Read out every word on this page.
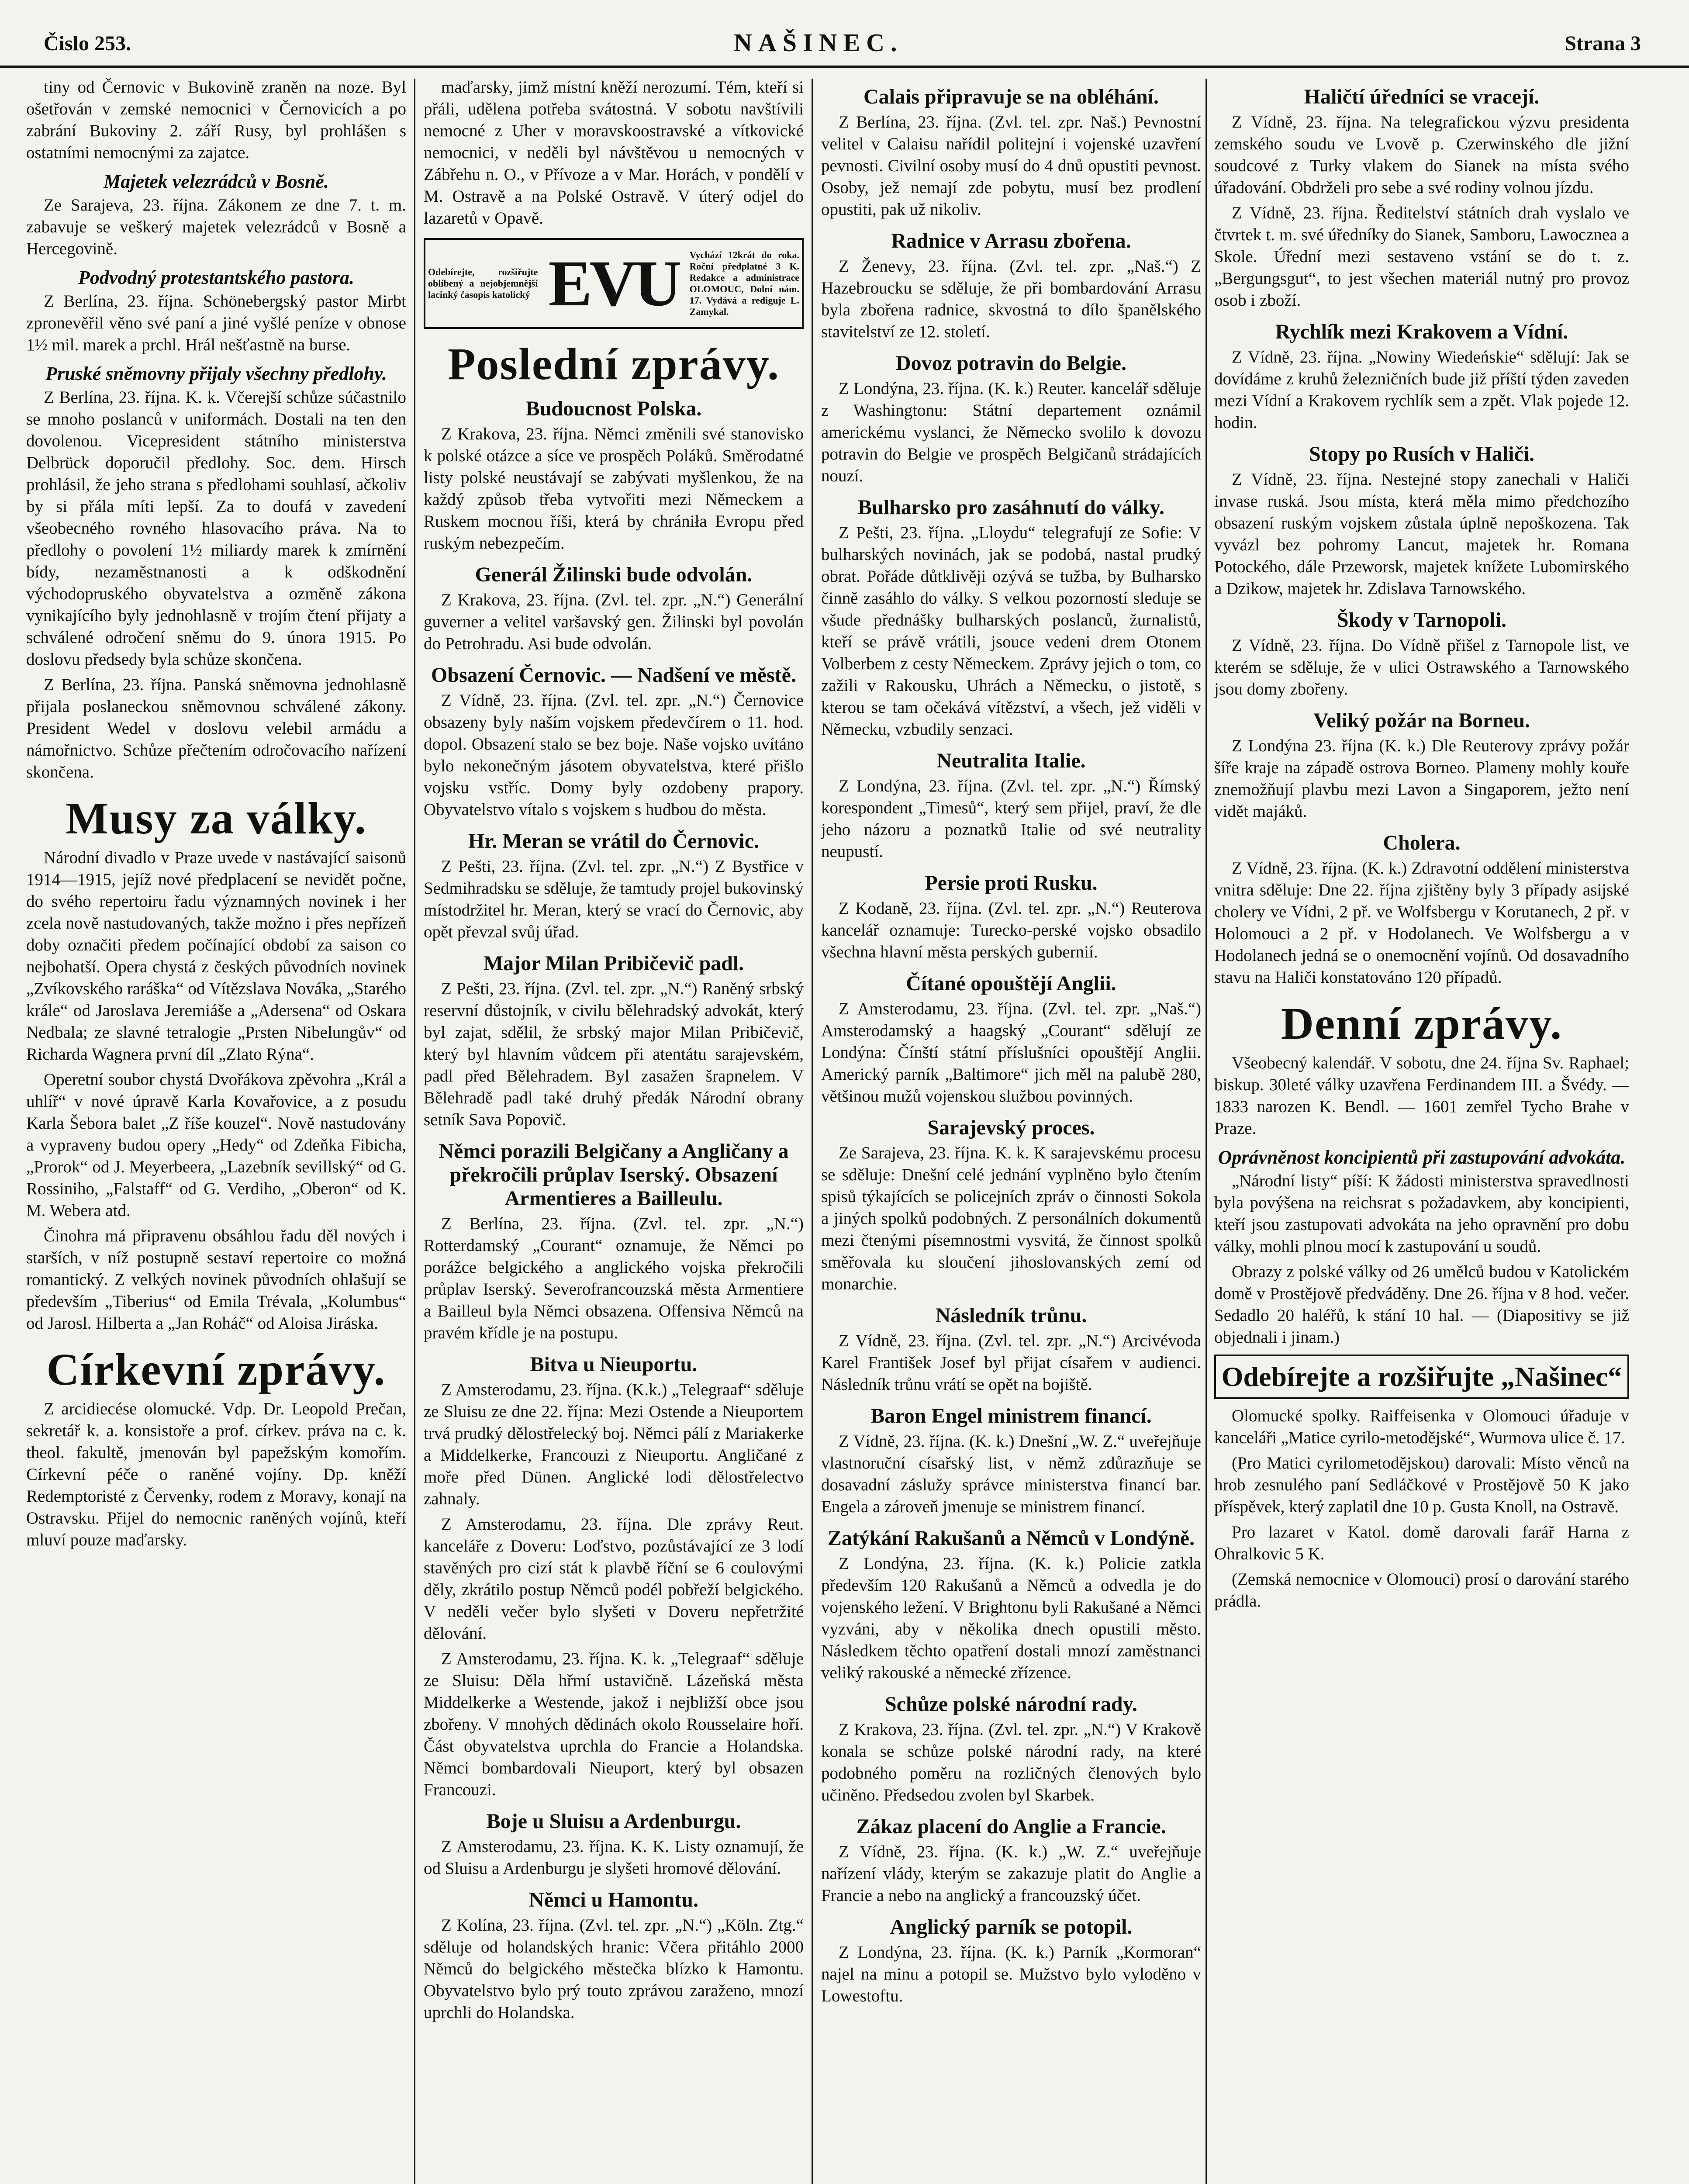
Čislo 253.	NAŠINEC.	Strana 3

tiny od Černovic v Bukovině zraněn na noze. Byl ošetřován v zemské nemocnici v Černovicích a po zabrání Bukoviny 2. září Rusy, byl prohlášen s ostatními nemocnými za zajatce.

Majetek velezrádců v Bosně.

Ze Sarajeva, 23. října. Zákonem ze dne 7. t. m. zabavuje se veškerý majetek velezrádců v Bosně a Hercegovině.

Podvodný protestantského pastora.

Z Berlína, 23. října. Schönebergský pastor Mirbt zpronevěřil věno své paní a jiné vyšlé peníze v obnose 1½ mil. marek a prchl. Hrál nešťastně na burse.

Pruské sněmovny přijaly všechny předlohy.

Z Berlína, 23. října. K. k. Včerejší schůze súčastnilo se mnoho poslanců v uniformách. Dostali na ten den dovolenou. Vicepresident státního ministerstva Delbrück doporučil předlohy. Soc. dem. Hirsch prohlásil, že jeho strana s předlohami souhlasí, ačkoliv by si přála míti lepší. Za to doufá v zavedení všeobecného rovného hlasovacího práva. Na to předlohy o povolení 1½ miliardy marek k zmírnění bídy, nezaměstnanosti a k odškodnění východopruského obyvatelstva a ozměně zákona vynikajícího byly jednohlasně v trojím čtení přijaty a schválené odročení sněmu do 9. února 1915. Po doslovu předsedy byla schůze skončena.

Z Berlína, 23. října. Panská sněmovna jednohlasně přijala poslaneckou sněmovnou schválené zákony. President Wedel v doslovu velebil armádu a námořnictvo. Schůze přečtením odročovacího nařízení skončena.

Musy za války.

Národní divadlo v Praze uvede v nastávající saisonů 1914—1915, jejíž nové předplacení se nevidět počne, do svého repertoiru řadu významných novinek i her zcela nově nastudovaných, takže možno i přes nepřízeň doby označiti předem počínající období za saison co nejbohatší. Opera chystá z českých původních novinek „Zvíkovského raráška“ od Vítězslava Nováka, „Starého krále“ od Jaroslava Jeremiáše a „Adersena“ od Oskara Nedbala; ze slavné tetralogie „Prsten Nibelungův“ od Richarda Wagnera první díl „Zlato Rýna“.

Operetní soubor chystá Dvořákova zpěvohra „Král a uhlíř“ v nové úpravě Karla Kovařovice, a z posudu Karla Šebora balet „Z říše kouzel“. Nově nastudovány a vypraveny budou opery „Hedy“ od Zdeňka Fibicha, „Prorok“ od J. Meyerbeera, „Lazebník sevillský“ od G. Rossiniho, „Falstaff“ od G. Verdiho, „Oberon“ od K. M. Webera atd.

Činohra má připravenu obsáhlou řadu děl nových i starších, v níž postupně sestaví repertoire co možná romantický. Z velkých novinek původních ohlašují se především „Tiberius“ od Emila Trévala, „Kolumbus“ od Jarosl. Hilberta a „Jan Roháč“ od Aloisa Jiráska.

Církevní zprávy.

Z arcidiecése olomucké. Vdp. Dr. Leopold Prečan, sekretář k. a. konsistoře a prof. církev. práva na c. k. theol. fakultě, jmenován byl papežským komořím. Církevní péče o raněné vojíny. Dp. kněží Redemptoristé z Červenky, rodem z Moravy, konají na Ostravsku. Přijel do nemocnic raněných vojínů, kteří mluví pouze maďarsky.

maďarsky, jimž místní kněží nerozumí. Tém, kteří si přáli, udělena potřeba svátostná. V sobotu navštívili nemocné z Uher v moravskoostravské a vítkovické nemocnici, v neděli byl návštěvou u nemocných v Zábřehu n. O., v Přívoze a v Mar. Horách, v pondělí v M. Ostravě a na Polské Ostravě. V úterý odjel do lazaretů v Opavě.

Odebírejte, rozšiřujte oblíbený a nejobjemnější lacinký časopis katolický EVU	Vychází 12krát do roka. Roční předplatné 3 K. Redakce a administrace OLOMOUC, Dolní nám. 17. Vydává a rediguje L. Zamykal.
Poslední zprávy.
Budoucnost Polska.

Z Krakova, 23. října. Němci změnili své stanovisko k polské otázce a síce ve prospěch Poláků. Směrodatné listy polské neustávají se zabývati myšlenkou, že na každý způsob třeba vytvořiti mezi Německem a Ruskem mocnou říši, která by chrániła Evropu před ruským nebezpečím.

Generál Žilinski bude odvolán.

Z Krakova, 23. října. (Zvl. tel. zpr. „N.“) Generální guverner a velitel varšavský gen. Žilinski byl povolán do Petrohradu. Asi bude odvolán.

Obsazení Černovic. — Nadšení ve městě.

Z Vídně, 23. října. (Zvl. tel. zpr. „N.“) Černovice obsazeny byly naším vojskem předevčírem o 11. hod. dopol. Obsazení stalo se bez boje. Naše vojsko uvítáno bylo nekonečným jásotem obyvatelstva, které přišlo vojsku vstříc. Domy byly ozdobeny prapory. Obyvatelstvo vítalo s vojskem s hudbou do města.

Hr. Meran se vrátil do Černovic.

Z Pešti, 23. října. (Zvl. tel. zpr. „N.“) Z Bystřice v Sedmihradsku se sděluje, že tamtudy projel bukovinský místodržitel hr. Meran, který se vrací do Černovic, aby opět převzal svůj úřad.

Major Milan Pribičevič padl.

Z Pešti, 23. října. (Zvl. tel. zpr. „N.“) Raněný srbský reservní důstojník, v civilu bělehradský advokát, který byl zajat, sdělil, že srbský major Milan Pribičevič, který byl hlavním vůdcem při atentátu sarajevském, padl před Bělehradem. Byl zasažen šrapnelem. V Bělehradě padl také druhý předák Národní obrany setník Sava Popovič.

Němci porazili Belgičany a Angličany a překročili průplav Iserský. Obsazení Armentieres a Bailleulu.

Z Berlína, 23. října. (Zvl. tel. zpr. „N.“) Rotterdamský „Courant“ oznamuje, že Němci po porážce belgického a anglického vojska překročili průplav Iserský. Severofrancouzská města Armentiere a Bailleul byla Němci obsazena. Offensiva Němců na pravém křídle je na postupu.

Bitva u Nieuportu.

Z Amsterodamu, 23. října. (K.k.) „Telegraaf“ sděluje ze Sluisu ze dne 22. října: Mezi Ostende a Nieuportem trvá prudký dělostřelecký boj. Němci pálí z Mariakerke a Middelkerke, Francouzi z Nieuportu. Angličané z moře před Dünen. Anglické lodi dělostřelectvo zahnaly.

Z Amsterodamu, 23. října. Dle zprávy Reut. kanceláře z Doveru: Loďstvo, pozůstávající ze 3 lodí stavěných pro cizí stát k plavbě říční se 6 coulovými děly, zkrátilo postup Němců podél pobřeží belgického. V neděli večer bylo slyšeti v Doveru nepřetržité dělování.

Z Amsterodamu, 23. října. K. k. „Telegraaf“ sděluje ze Sluisu: Děla hřmí ustavičně. Lázeňská města Middelkerke a Westende, jakož i nejbližší obce jsou zbořeny. V mnohých dědinách okolo Rousselaire hoří. Část obyvatelstva uprchla do Francie a Holandska. Němci bombardovali Nieuport, který byl obsazen Francouzi.

Boje u Sluisu a Ardenburgu.

Z Amsterodamu, 23. října. K. K. Listy oznamují, že od Sluisu a Ardenburgu je slyšeti hromové dělování.

Němci u Hamontu.

Z Kolína, 23. října. (Zvl. tel. zpr. „N.“) „Köln. Ztg.“ sděluje od holandských hranic: Včera přitáhlo 2000 Němců do belgického městečka blízko k Hamontu. Obyvatelstvo bylo prý touto zprávou zaraženo, mnozí uprchli do Holandska.

Calais připravuje se na obléhání.

Z Berlína, 23. října. (Zvl. tel. zpr. Naš.) Pevnostní velitel v Calaisu nařídil politejní i vojenské uzavření pevnosti. Civilní osoby musí do 4 dnů opustiti pevnost. Osoby, jež nemají zde pobytu, musí bez prodlení opustiti, pak už nikoliv.

Radnice v Arrasu zbořena.

Z Ženevy, 23. října. (Zvl. tel. zpr. „Naš.“) Z Hazebroucku se sděluje, že při bombardování Arrasu byla zbořena radnice, skvostná to dílo španělského stavitelství ze 12. století.

Dovoz potravin do Belgie.

Z Londýna, 23. října. (K. k.) Reuter. kancelář sděluje z Washingtonu: Státní departement oznámil americkému vyslanci, že Německo svolilo k dovozu potravin do Belgie ve prospěch Belgičanů strádajících nouzí.

Bulharsko pro zasáhnutí do války.

Z Pešti, 23. října. „Lloydu“ telegrafují ze Sofie: V bulharských novinách, jak se podobá, nastal prudký obrat. Pořáde důtklivěji ozývá se tužba, by Bulharsko činně zasáhlo do války. S velkou pozorností sleduje se všude přednášky bulharských poslanců, žurnalistů, kteří se právě vrátili, jsouce vedeni drem Otonem Volberbem z cesty Německem. Zprávy jejich o tom, co zažili v Rakousku, Uhrách a Německu, o jistotě, s kterou se tam očekává vítězství, a všech, jež viděli v Německu, vzbudily senzaci.

Neutralita Italie.

Z Londýna, 23. října. (Zvl. tel. zpr. „N.“) Římský korespondent „Timesů“, který sem přijel, praví, že dle jeho názoru a poznatků Italie od své neutrality neupustí.

Persie proti Rusku.

Z Kodaně, 23. října. (Zvl. tel. zpr. „N.“) Reuterova kancelář oznamuje: Turecko-perské vojsko obsadilo všechna hlavní města perských gubernií.

Čítané opouštějí Anglii.

Z Amsterodamu, 23. října. (Zvl. tel. zpr. „Naš.“) Amsterodamský a haagský „Courant“ sdělují ze Londýna: Čínští státní příslušníci opouštějí Anglii. Americký parník „Baltimore“ jich měl na palubě 280, většinou mužů vojenskou službou povinných.

Sarajevský proces.

Ze Sarajeva, 23. října. K. k. K sarajevskému procesu se sděluje: Dnešní celé jednání vyplněno bylo čtením spisů týkajících se policejních zpráv o činnosti Sokola a jiných spolků podobných. Z personálních dokumentů mezi čtenými písemnostmi vysvitá, že činnost spolků směřovala ku sloučení jihoslovanských zemí od monarchie.

Následník trůnu.

Z Vídně, 23. října. (Zvl. tel. zpr. „N.“) Arcivévoda Karel František Josef byl přijat císařem v audienci. Následník trůnu vrátí se opět na bojiště.

Baron Engel ministrem financí.

Z Vídně, 23. října. (K. k.) Dnešní „W. Z.“ uveřejňuje vlastnoruční císařský list, v němž zdůrazňuje se dosavadní záslužy správce ministerstva financí bar. Engela a zároveň jmenuje se ministrem financí.

Zatýkání Rakušanů a Němců v Londýně.

Z Londýna, 23. října. (K. k.) Policie zatkla především 120 Rakušanů a Němců a odvedla je do vojenského ležení. V Brightonu byli Rakušané a Němci vyzváni, aby v několika dnech opustili město. Následkem těchto opatření dostali mnozí zaměstnanci veliký rakouské a německé zřízence.

Schůze polské národní rady.

Z Krakova, 23. října. (Zvl. tel. zpr. „N.“) V Krakově konala se schůze polské národní rady, na které podobného poměru na rozličných členových bylo učiněno. Předsedou zvolen byl Skarbek.

Zákaz placení do Anglie a Francie.

Z Vídně, 23. října. (K. k.) „W. Z.“ uveřejňuje nařízení vlády, kterým se zakazuje platit do Anglie a Francie a nebo na anglický a francouzský účet.

Anglický parník se potopil.

Z Londýna, 23. října. (K. k.) Parník „Kormoran“ najel na minu a potopil se. Mužstvo bylo vyloděno v Lowestoftu.

Haličtí úředníci se vracejí.

Z Vídně, 23. října. Na telegrafickou výzvu presidenta zemského soudu ve Lvově p. Czerwinského dle jižní soudcové z Turky vlakem do Sianek na místa svého úřadování. Obdrželi pro sebe a své rodiny volnou jízdu.

Z Vídně, 23. října. Ředitelství státních drah vyslalo ve čtvrtek t. m. své úředníky do Sianek, Samboru, Lawocznea a Skole. Úřední mezi sestaveno vstání se do t. z. „Bergungsgut“, to jest všechen materiál nutný pro provoz osob i zboží.

Rychlík mezi Krakovem a Vídní.

Z Vídně, 23. října. „Nowiny Wiedeńskie“ sdělují: Jak se dovídáme z kruhů železničních bude již příští týden zaveden mezi Vídní a Krakovem rychlík sem a zpět. Vlak pojede 12. hodin.

Stopy po Rusích v Haliči.

Z Vídně, 23. října. Nestejné stopy zanechali v Haliči invase ruská. Jsou místa, která měla mimo předchozího obsazení ruským vojskem zůstala úplně nepoškozena. Tak vyvázl bez pohromy Lancut, majetek hr. Romana Potockého, dále Przeworsk, majetek knížete Lubomirského a Dzikow, majetek hr. Zdislava Tarnowského.

Škody v Tarnopoli.

Z Vídně, 23. října. Do Vídně přišel z Tarnopole list, ve kterém se sděluje, že v ulici Ostrawského a Tarnowského jsou domy zbořeny.

Veliký požár na Borneu.

Z Londýna 23. října (K. k.) Dle Reuterovy zprávy požár šíře kraje na západě ostrova Borneo. Plameny mohly kouře znemožňují plavbu mezi Lavon a Singaporem, ježto není vidět majáků.

Cholera.

Z Vídně, 23. října. (K. k.) Zdravotní oddělení ministerstva vnitra sděluje: Dne 22. října zjištěny byly 3 případy asijské cholery ve Vídni, 2 př. ve Wolfsbergu v Korutanech, 2 př. v Holomouci a 2 př. v Hodolanech. Ve Wolfsbergu a v Hodolanech jedná se o onemocnění vojínů. Od dosavadního stavu na Haliči konstatováno 120 případů.

Denní zprávy.

Všeobecný kalendář. V sobotu, dne 24. října Sv. Raphael; biskup. 30leté války uzavřena Ferdinandem III. a Švédy. — 1833 narozen K. Bendl. — 1601 zemřel Tycho Brahe v Praze.

Oprávněnost koncipientů při zastupování advokáta.

„Národní listy“ píší: K žádosti ministerstva spravedlnosti byla povýšena na reichsrat s požadavkem, aby koncipienti, kteří jsou zastupovati advokáta na jeho opravnění pro dobu války, mohli plnou mocí k zastupování u soudů.

Obrazy z polské války od 26 umělců budou v Katolickém domě v Prostějově předváděny. Dne 26. října v 8 hod. večer. Sedadlo 20 haléřů, k stání 10 hal. — (Diapositivy se již objednali i jinam.)

Odebírejte a rozšiřujte „Našinec“

Olomucké spolky. Raiffeisenka v Olomouci úřaduje v kanceláři „Matice cyrilo-metodějské“, Wurmova ulice č. 17.

(Pro Matici cyrilometodějskou) darovali: Místo věnců na hrob zesnulého paní Sedláčkové v Prostějově 50 K jako příspěvek, který zaplatil dne 10 p. Gusta Knoll, na Ostravě.

Pro lazaret v Katol. domě darovali farář Harna z Ohralkovic 5 K.

(Zemská nemocnice v Olomouci) prosí o darování starého prádla.
